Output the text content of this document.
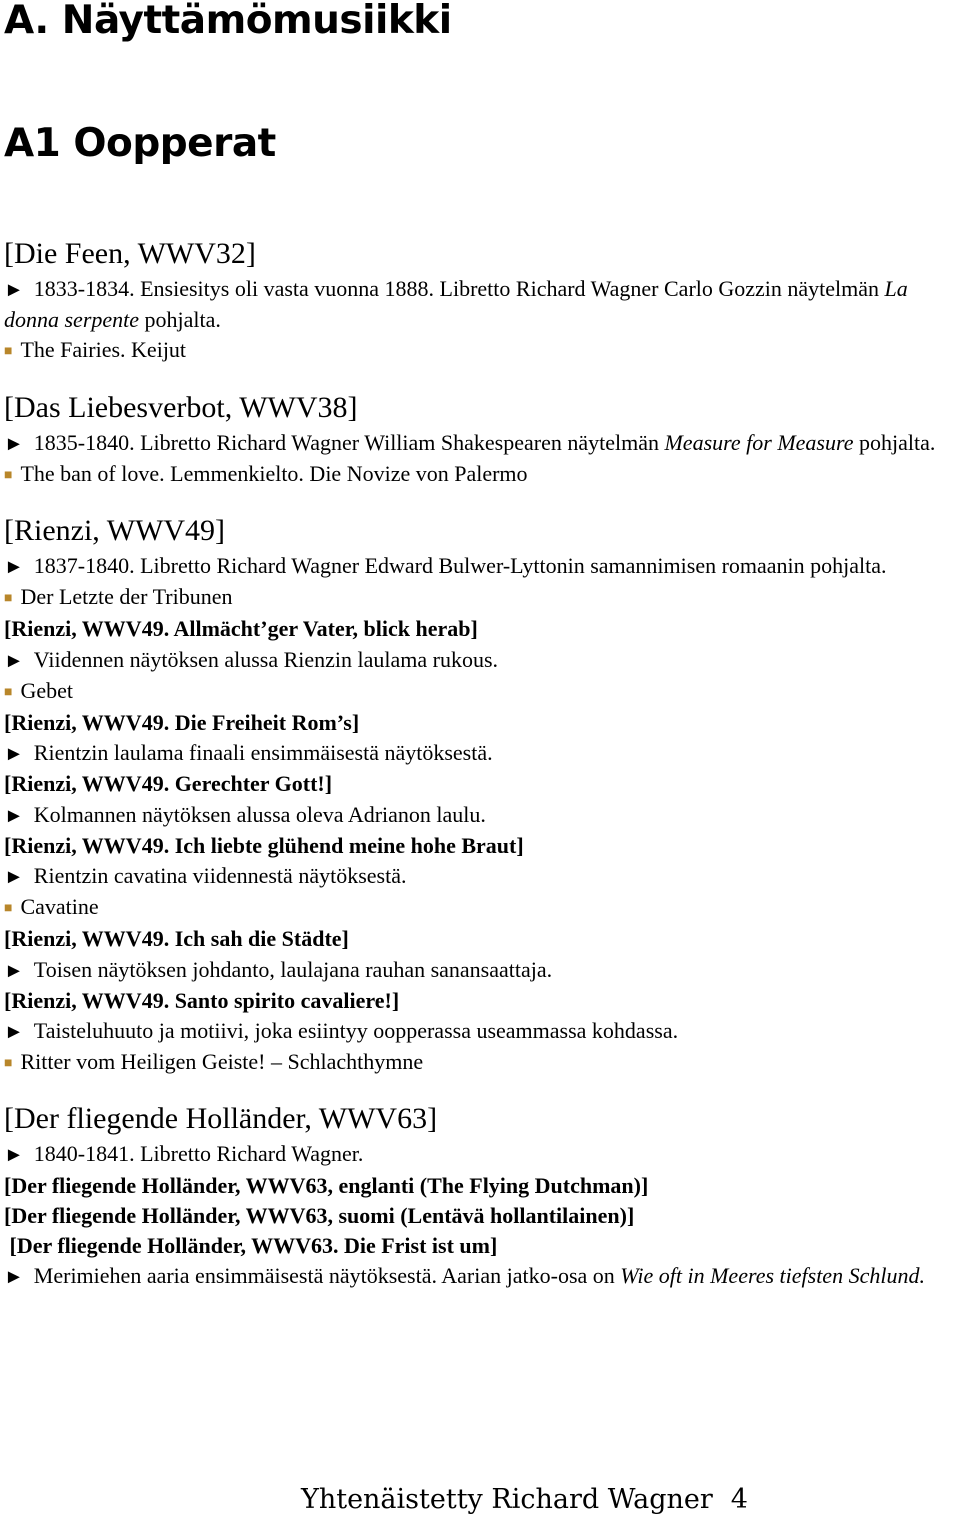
A. Näyttämömusiikki
A1 Oopperat

[Die Feen, WWV32]

► 1833-1834. Ensiesitys oli vasta vuonna 1888. Libretto Richard Wagner Carlo Gozzin näytelmän La donna serpente pohjalta.

■ The Fairies. Keijut

[Das Liebesverbot, WWV38]

► 1835-1840. Libretto Richard Wagner William Shakespearen näytelmän Measure for Measure pohjalta.

■ The ban of love. Lemmenkielto. Die Novize von Palermo

[Rienzi, WWV49]

► 1837-1840. Libretto Richard Wagner Edward Bulwer-Lyttonin samannimisen romaanin pohjalta.

■ Der Letzte der Tribunen

[Rienzi, WWV49. Allmächt’ger Vater, blick herab]

► Viidennen näytöksen alussa Rienzin laulama rukous.

■ Gebet

[Rienzi, WWV49. Die Freiheit Rom’s]

► Rientzin laulama finaali ensimmäisestä näytöksestä.

[Rienzi, WWV49. Gerechter Gott!]

► Kolmannen näytöksen alussa oleva Adrianon laulu.

[Rienzi, WWV49. Ich liebte glühend meine hohe Braut]

► Rientzin cavatina viidennestä näytöksestä.

■ Cavatine

[Rienzi, WWV49. Ich sah die Städte]

► Toisen näytöksen johdanto, laulajana rauhan sanansaattaja.

[Rienzi, WWV49. Santo spirito cavaliere!]

► Taisteluhuuto ja motiivi, joka esiintyy oopperassa useammassa kohdassa.

■ Ritter vom Heiligen Geiste! – Schlachthymne

[Der fliegende Holländer, WWV63]

► 1840-1841. Libretto Richard Wagner.

[Der fliegende Holländer, WWV63, englanti (The Flying Dutchman)]

[Der fliegende Holländer, WWV63, suomi (Lentävä hollantilainen)]

[Der fliegende Holländer, WWV63. Die Frist ist um]

► Merimiehen aaria ensimmäisestä näytöksestä. Aarian jatko-osa on Wie oft in Meeres tiefsten Schlund.

Yhtenäistetty Richard Wagner 4
